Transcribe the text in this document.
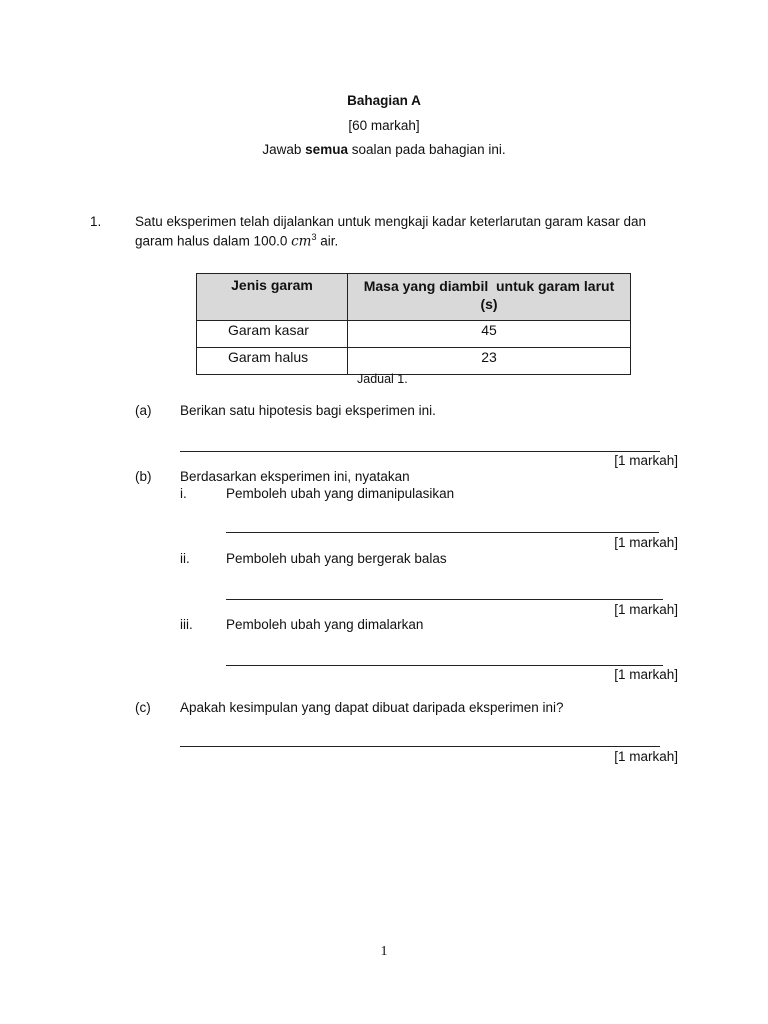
Bahagian A
[60 markah]
Jawab semua soalan pada bahagian ini.
1. Satu eksperimen telah dijalankan untuk mengkaji kadar keterlarutan garam kasar dan
garam halus dalam 100.0 $cm^3$ air.
Jenis garam	Masa yang diambil  untuk garam larut
(s)

Garam kasar	45
Garam halus	23
Jadual 1.
(a) Berikan satu hipotesis bagi eksperimen ini.
[1 markah]
(b) Berdasarkan eksperimen ini, nyatakan
i.	Pemboleh ubah yang dimanipulasikan
[1 markah]
ii.	Pemboleh ubah yang bergerak balas
[1 markah]
iii. Pemboleh ubah yang dimalarkan
[1 markah]
(c) Apakah kesimpulan yang dapat dibuat daripada eksperimen ini?
[1 markah]
1
